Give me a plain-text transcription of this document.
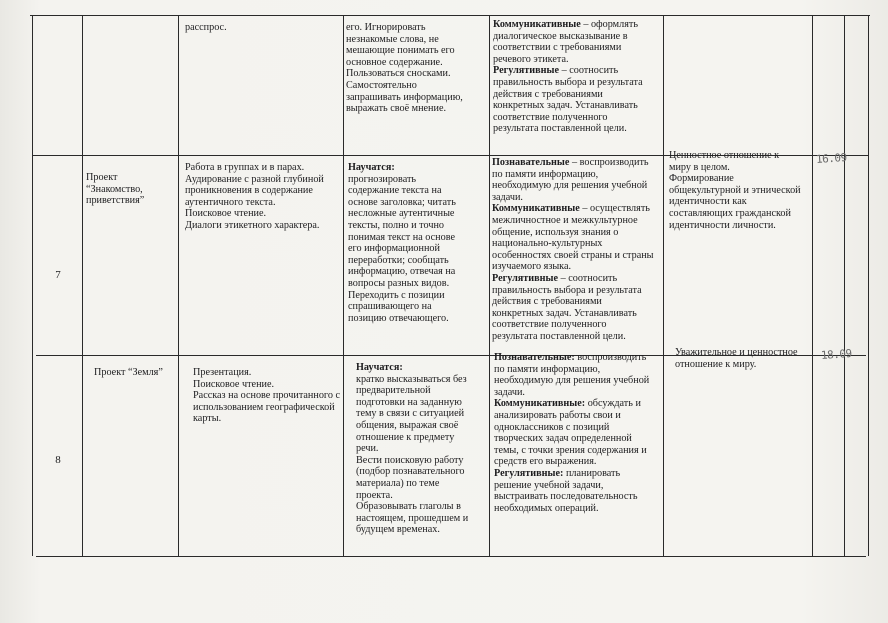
расспрос.	его. Игнорировать
незнакомые слова, не
мешающие понимать его
основное содержание.
Пользоваться сносками.
Самостоятельно
запрашивать информацию,
выражать своё мнение.
Коммуникативные – оформлять
диалогическое высказывание в
соответствии с требованиями
речевого этикета.
Регулятивные – соотносить
правильность выбора и результата
действия с требованиями
конкретных задач. Устанавливать
соответствие полученного
результата поставленной цели.
7
Проект
“Знакомство,
приветствия”
Работа в группах и в парах.
Аудирование с разной глубиной
проникновения в содержание
аутентичного текста.
Поисковое чтение.
Диалоги этикетного характера.
Научатся:
прогнозировать
содержание текста на
основе заголовка; читать
несложные аутентичные
тексты, полно и точно
понимая текст на основе
его информационной
переработки; сообщать
информацию, отвечая на
вопросы разных видов.
Переходить с позиции
спрашивающего на
позицию отвечающего.
Познавательные – воспроизводить
по памяти информацию,
необходимую для решения учебной
задачи.
Коммуникативные – осуществлять
межличностное и межкультурное
общение, используя знания о
национально-культурных
особенностях своей страны и страны
изучаемого языка.
Регулятивные – соотносить
правильность выбора и результата
действия с требованиями
конкретных задач. Устанавливать
соответствие полученного
результата поставленной цели.
Ценностное отношение к
миру в целом.
Формирование
общекультурной и этнической
идентичности как
составляющих гражданской
идентичности личности.
16.09
8
Проект “Земля”	Презентация.
Поисковое чтение.
Рассказ на основе прочитанного с
использованием географической
карты.
Научатся:
кратко высказываться без
предварительной
подготовки на заданную
тему в связи с ситуацией
общения, выражая своё
отношение к предмету
речи.
Вести поисковую работу
(подбор познавательного
материала) по теме
проекта.
Образовывать глаголы в
настоящем, прошедшем и
будущем временах.
Познавательные: воспроизводить
по памяти информацию,
необходимую для решения учебной
задачи.
Коммуникативные: обсуждать и
анализировать работы свои и
одноклассников с позиций
творческих задач определенной
темы, с точки зрения содержания и
средств его выражения.
Регулятивные: планировать
решение учебной задачи,
выстраивать последовательность
необходимых операций.
Уважительное и ценностное
отношение к миру.
18.09
